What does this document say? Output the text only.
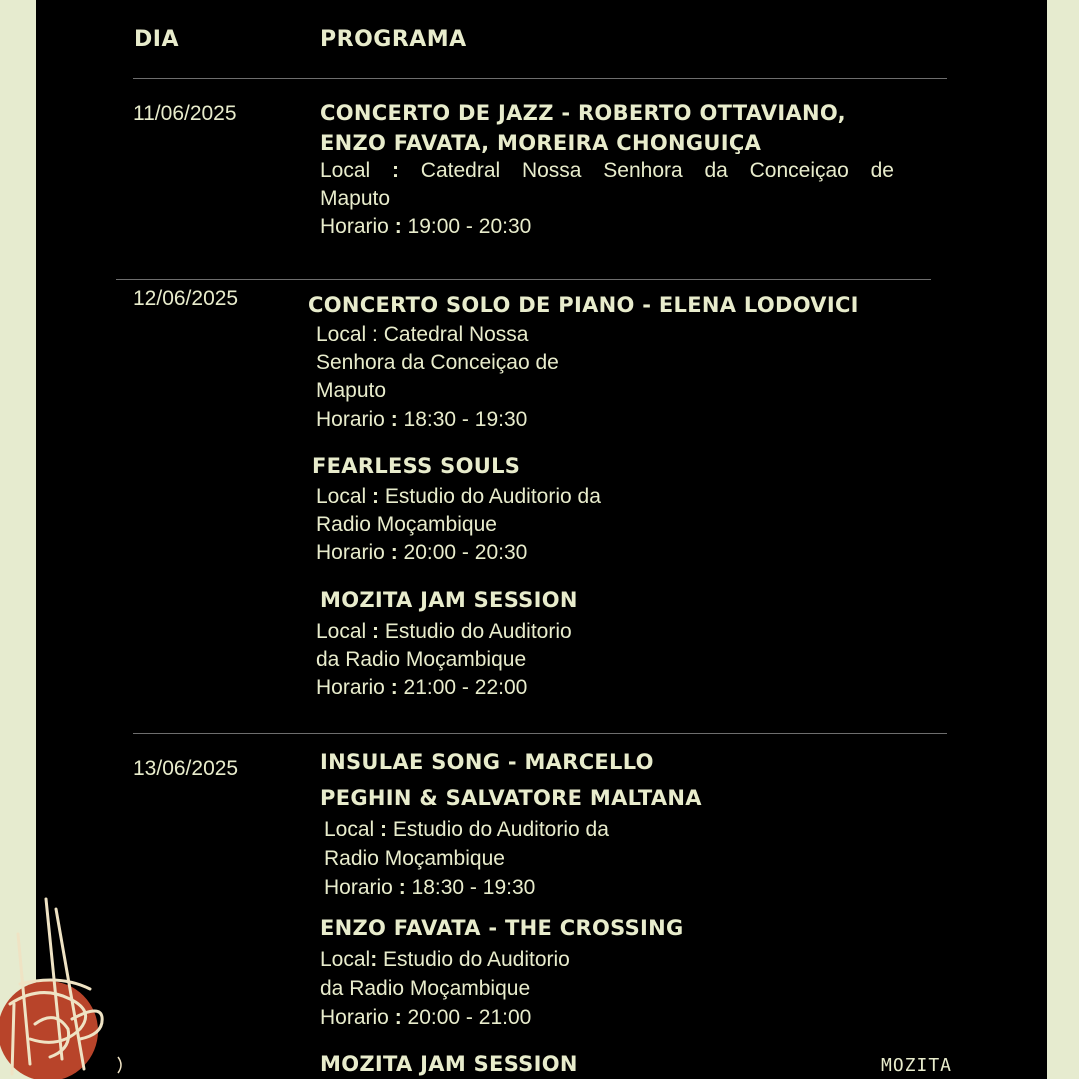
DIA	PROGRAMA
11/06/2025	CONCERTO DE JAZZ - ROBERTO OTTAVIANO,
ENZO FAVATA, MOREIRA CHONGUIÇA
Local : Catedral Nossa Senhora da Conceiçao de
Maputo
Horario : 19:00 - 20:30
12/06/2025	CONCERTO SOLO DE PIANO - ELENA LODOVICI
Local : Catedral Nossa
Senhora da Conceiçao de
Maputo
Horario : 18:30 - 19:30
FEARLESS SOULS
Local : Estudio do Auditorio da
Radio Moçambique
Horario : 20:00 - 20:30
MOZITA JAM SESSION
Local : Estudio do Auditorio
da Radio Moçambique
Horario : 21:00 - 22:00
13/06/2025	INSULAE SONG - MARCELLO
PEGHIN & SALVATORE MALTANA
Local : Estudio do Auditorio da
Radio Moçambique
Horario : 18:30 - 19:30
ENZO FAVATA - THE CROSSING
Local: Estudio do Auditorio
da Radio Moçambique
Horario : 20:00 - 21:00
MOZITA JAM SESSION	MOZITA
